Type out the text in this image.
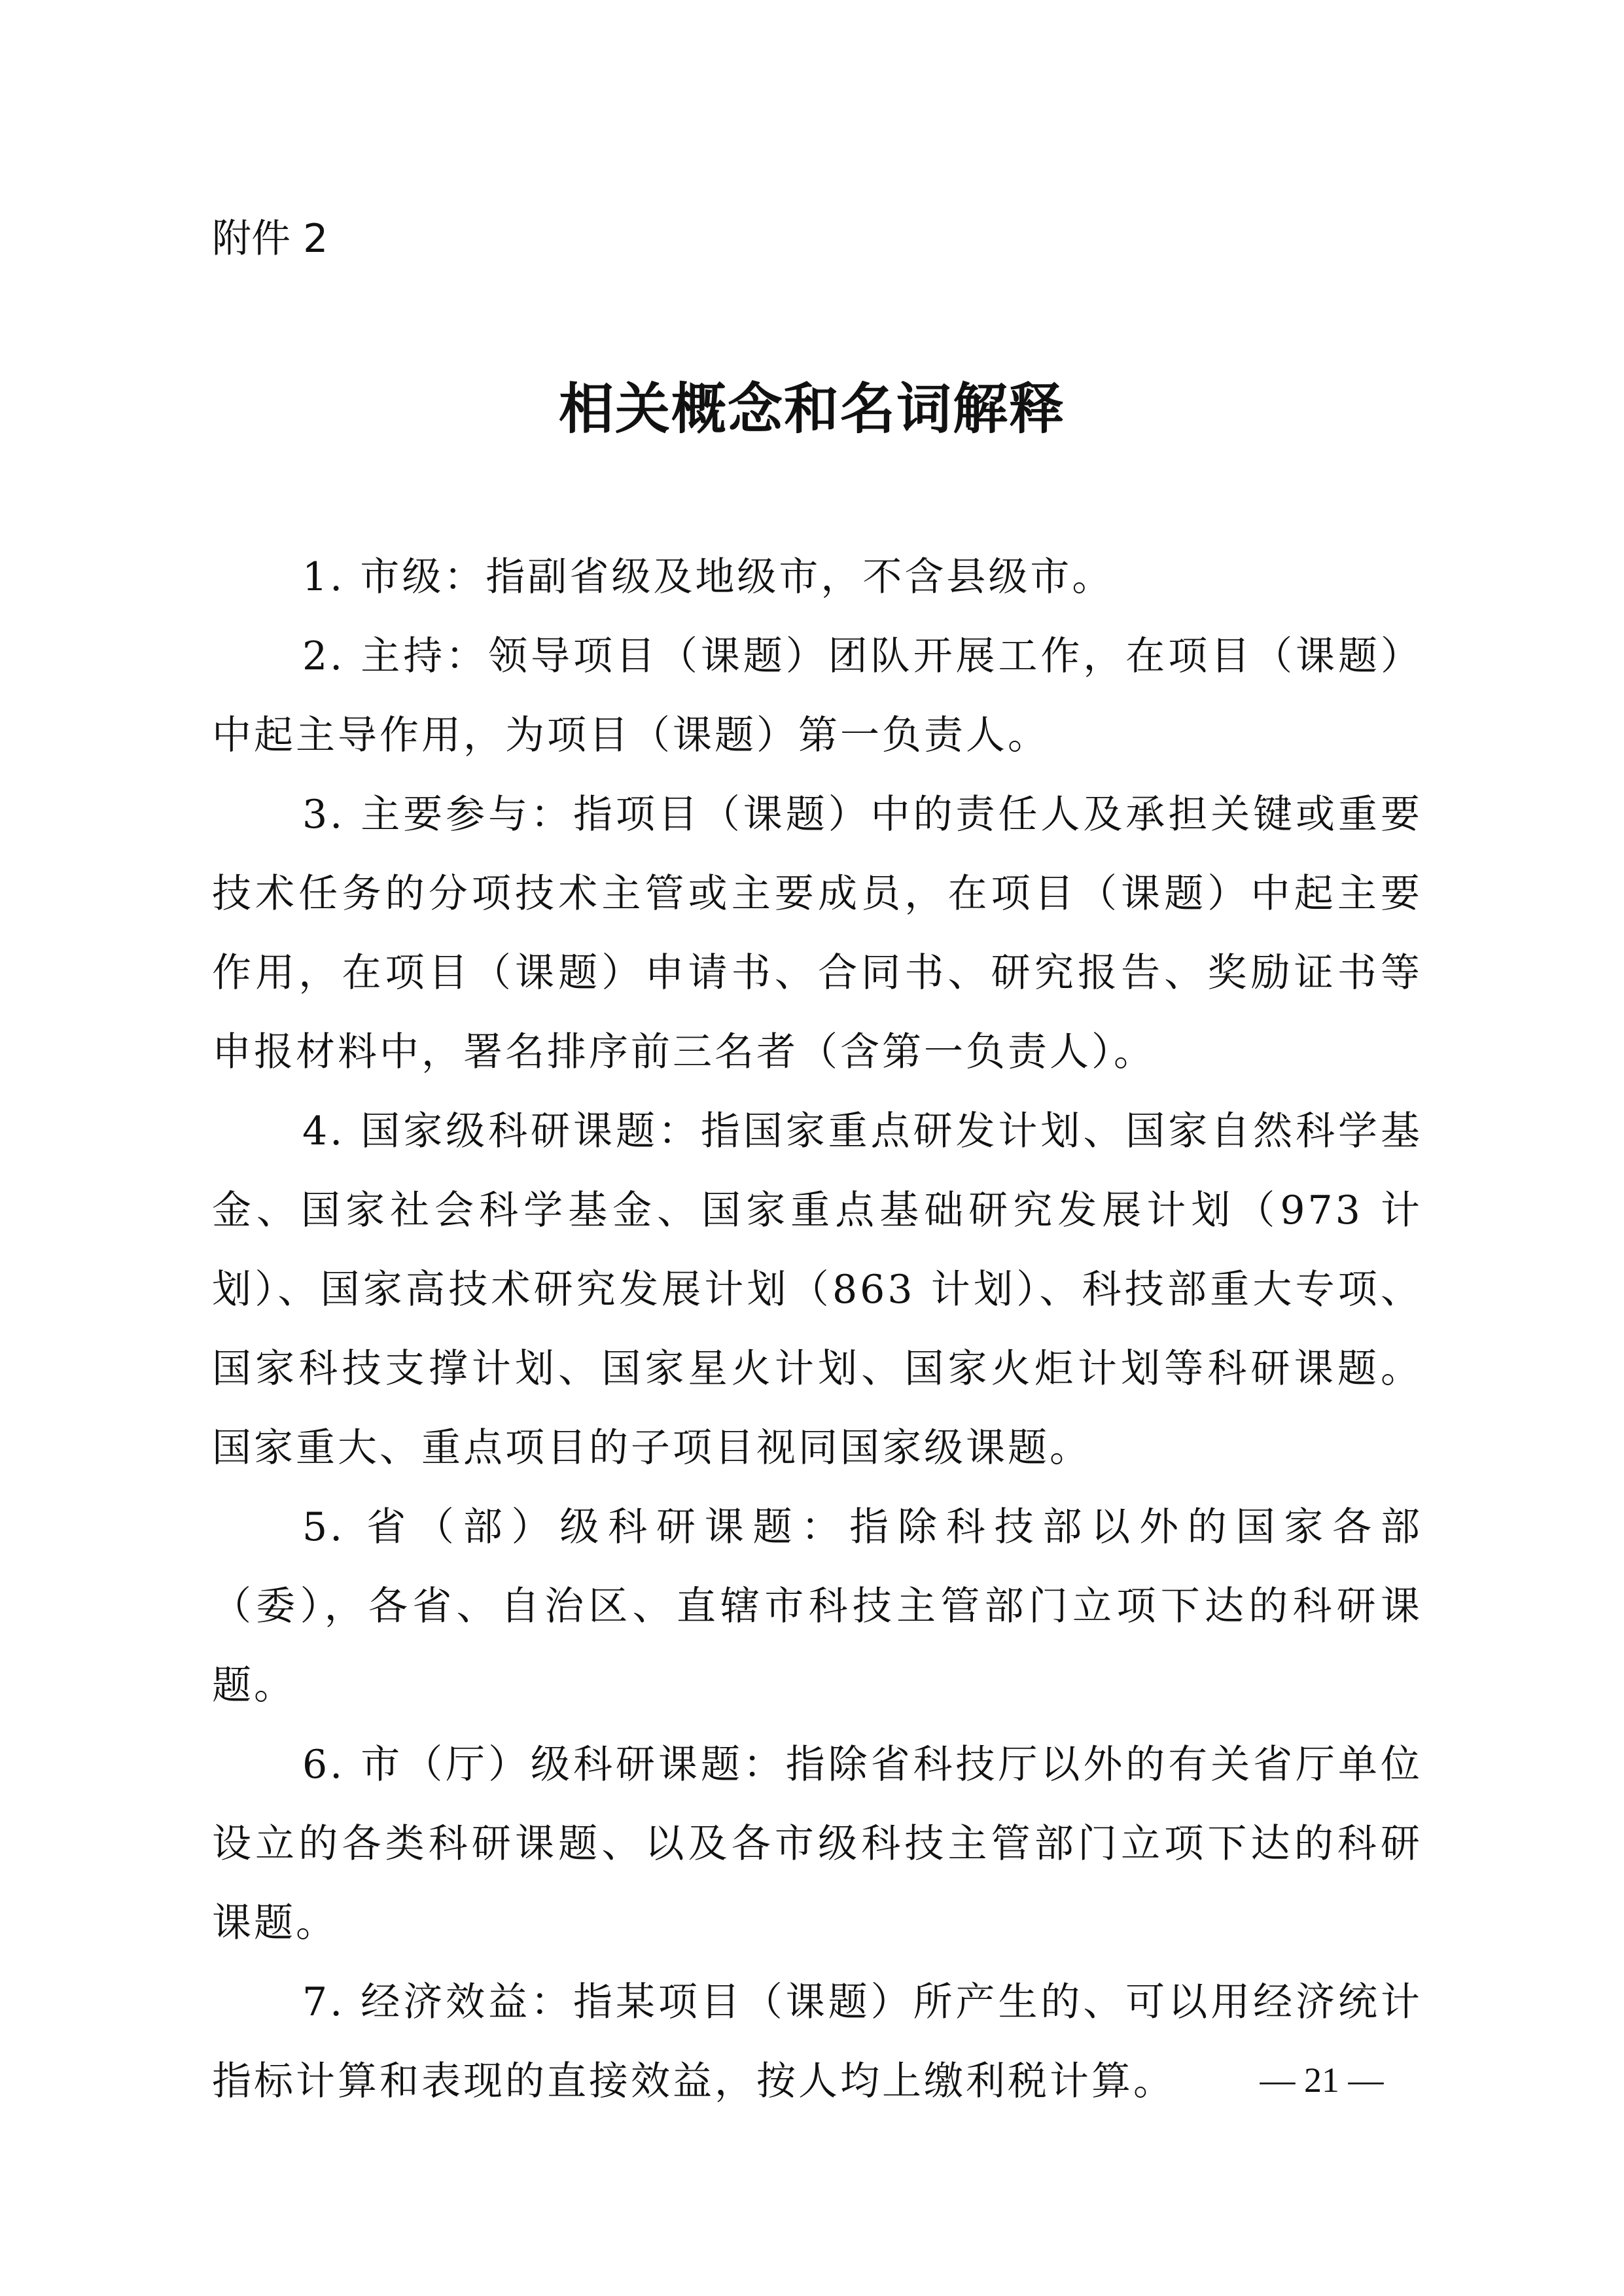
附件 2
相关概念和名词解释

1. 市级：指副省级及地级市，不含县级市。

2. 主持：领导项目（课题）团队开展工作，在项目（课题）中起主导作用，为项目（课题）第一负责人。

3. 主要参与：指项目（课题）中的责任人及承担关键或重要技术任务的分项技术主管或主要成员，在项目（课题）中起主要作用，在项目（课题）申请书、合同书、研究报告、奖励证书等申报材料中，署名排序前三名者（含第一负责人）。

4. 国家级科研课题：指国家重点研发计划、国家自然科学基金、国家社会科学基金、国家重点基础研究发展计划（973 计划）、国家高技术研究发展计划（863 计划）、科技部重大专项、国家科技支撑计划、国家星火计划、国家火炬计划等科研课题。国家重大、重点项目的子项目视同国家级课题。

5. 省（部）级科研课题：指除科技部以外的国家各部（委），各省、自治区、直辖市科技主管部门立项下达的科研课题。

6. 市（厅）级科研课题：指除省科技厅以外的有关省厅单位设立的各类科研课题、以及各市级科技主管部门立项下达的科研课题。

7. 经济效益：指某项目（课题）所产生的、可以用经济统计指标计算和表现的直接效益，按人均上缴利税计算。	— 21 —
